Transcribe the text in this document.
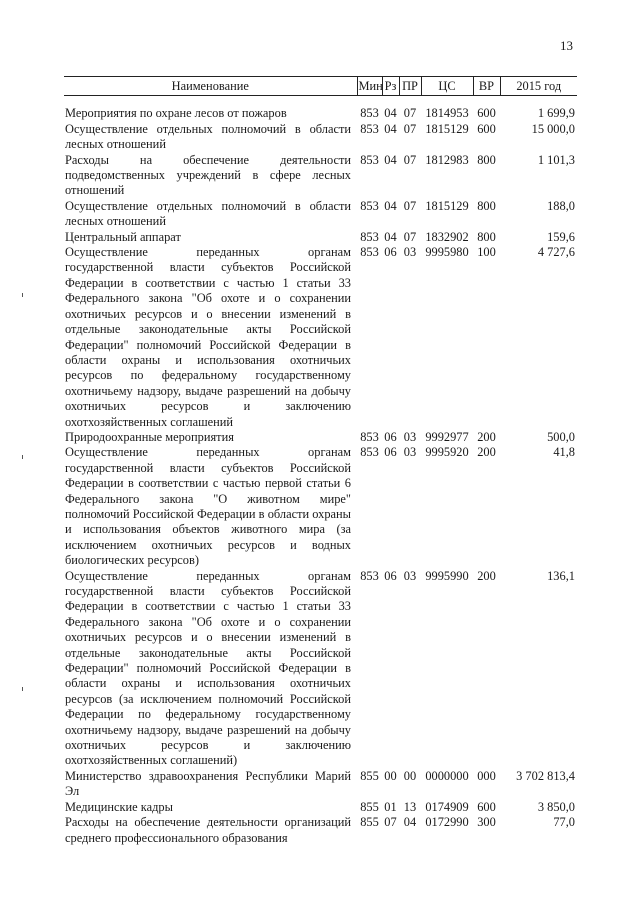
13
Наименование	Мин	Рз	ПР	ЦС	ВР	2015 год

Мероприятия по охране лесов от пожаров	853	04	07	1814953	600	1 699,9
Осуществление отдельных полномочий в области лесных отношений	853	04	07	1815129	600	15 000,0
Расходы на обеспечение деятельности подведомственных учреждений в сфере лесных отношений	853	04	07	1812983	800	1 101,3
Осуществление отдельных полномочий в области лесных отношений	853	04	07	1815129	800	188,0
Центральный аппарат	853	04	07	1832902	800	159,6
Осуществление переданных органам государственной власти субъектов Российской Федерации в соответствии с частью 1 статьи 33 Федерального закона "Об охоте и о сохранении охотничьих ресурсов и о внесении изменений в отдельные законодательные акты Российской Федерации" полномочий Российской Федерации в области охраны и использования охотничьих ресурсов по федеральному государственному охотничьему надзору, выдаче разрешений на добычу охотничьих ресурсов и заключению охотхозяйственных соглашений	853	06	03	9995980	100	4 727,6
Природоохранные мероприятия	853	06	03	9992977	200	500,0
Осуществление переданных органам государственной власти субъектов Российской Федерации в соответствии с частью первой статьи 6 Федерального закона "О животном мире" полномочий Российской Федерации в области охраны и использования объектов животного мира (за исключением охотничьих ресурсов и водных биологических ресурсов)	853	06	03	9995920	200	41,8
Осуществление переданных органам государственной власти субъектов Российской Федерации в соответствии с частью 1 статьи 33 Федерального закона "Об охоте и о сохранении охотничьих ресурсов и о внесении изменений в отдельные законодательные акты Российской Федерации" полномочий Российской Федерации в области охраны и использования охотничьих ресурсов (за исключением полномочий Российской Федерации по федеральному государственному охотничьему надзору, выдаче разрешений на добычу охотничьих ресурсов и заключению охотхозяйственных соглашений)	853	06	03	9995990	200	136,1
Министерство здравоохранения Республики Марий Эл	855	00	00	0000000	000	3 702 813,4
Медицинские кадры	855	01	13	0174909	600	3 850,0
Расходы на обеспечение деятельности организаций среднего профессионального образования	855	07	04	0172990	300	77,0
